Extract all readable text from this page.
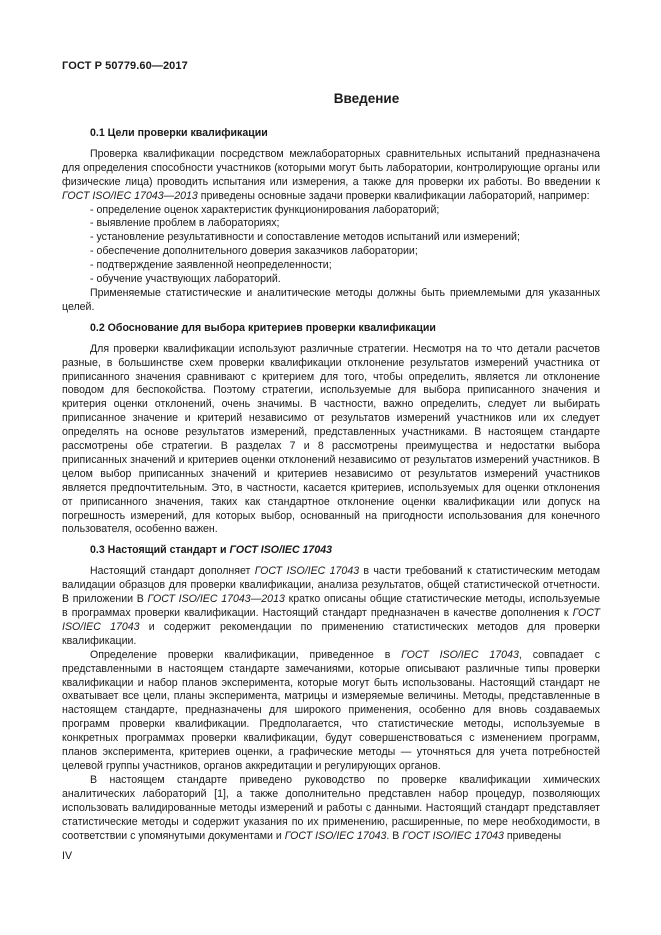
ГОСТ Р 50779.60—2017
Введение
0.1 Цели проверки квалификации

Проверка квалификации посредством межлабораторных сравнительных испытаний предназначена для определения способности участников (которыми могут быть лаборатории, контролирующие органы или физические лица) проводить испытания или измерения, а также для проверки их работы. Во введении к ГОСТ ISO/IEC 17043—2013 приведены основные задачи проверки квалификации лабораторий, например:

- определение оценок характеристик функционирования лабораторий;
- выявление проблем в лабораториях;
- установление результативности и сопоставление методов испытаний или измерений;
- обеспечение дополнительного доверия заказчиков лаборатории;
- подтверждение заявленной неопределенности;
- обучение участвующих лабораторий.

Применяемые статистические и аналитические методы должны быть приемлемыми для указанных целей.

0.2 Обоснование для выбора критериев проверки квалификации

Для проверки квалификации используют различные стратегии. Несмотря на то что детали расчетов разные, в большинстве схем проверки квалификации отклонение результатов измерений участника от приписанного значения сравнивают с критерием для того, чтобы определить, является ли отклонение поводом для беспокойства. Поэтому стратегии, используемые для выбора приписанного значения и критерия оценки отклонений, очень значимы. В частности, важно определить, следует ли выбирать приписанное значение и критерий независимо от результатов измерений участников или их следует определять на основе результатов измерений, представленных участниками. В настоящем стандарте рассмотрены обе стратегии. В разделах 7 и 8 рассмотрены преимущества и недостатки выбора приписанных значений и критериев оценки отклонений независимо от результатов измерений участников. В целом выбор приписанных значений и критериев независимо от результатов измерений участников является предпочтительным. Это, в частности, касается критериев, используемых для оценки отклонения от приписанного значения, таких как стандартное отклонение оценки квалификации или допуск на погрешность измерений, для которых выбор, основанный на пригодности использования для конечного пользователя, особенно важен.

0.3 Настоящий стандарт и ГОСТ ISO/IEC 17043

Настоящий стандарт дополняет ГОСТ ISO/IEC 17043 в части требований к статистическим методам валидации образцов для проверки квалификации, анализа результатов, общей статистической отчетности. В приложении В ГОСТ ISO/IEC 17043—2013 кратко описаны общие статистические методы, используемые в программах проверки квалификации. Настоящий стандарт предназначен в качестве дополнения к ГОСТ ISO/IEC 17043 и содержит рекомендации по применению статистических методов для проверки квалификации.

Определение проверки квалификации, приведенное в ГОСТ ISO/IEC 17043, совпадает с представленными в настоящем стандарте замечаниями, которые описывают различные типы проверки квалификации и набор планов эксперимента, которые могут быть использованы. Настоящий стандарт не охватывает все цели, планы эксперимента, матрицы и измеряемые величины. Методы, представленные в настоящем стандарте, предназначены для широкого применения, особенно для вновь создаваемых программ проверки квалификации. Предполагается, что статистические методы, используемые в конкретных программах проверки квалификации, будут совершенствоваться с изменением программ, планов эксперимента, критериев оценки, а графические методы — уточняться для учета потребностей целевой группы участников, органов аккредитации и регулирующих органов.

В настоящем стандарте приведено руководство по проверке квалификации химических аналитических лабораторий [1], а также дополнительно представлен набор процедур, позволяющих использовать валидированные методы измерений и работы с данными. Настоящий стандарт представляет статистические методы и содержит указания по их применению, расширенные, по мере необходимости, в соответствии с упомянутыми документами и ГОСТ ISO/IEC 17043. В ГОСТ ISO/IEC 17043 приведены

IV
